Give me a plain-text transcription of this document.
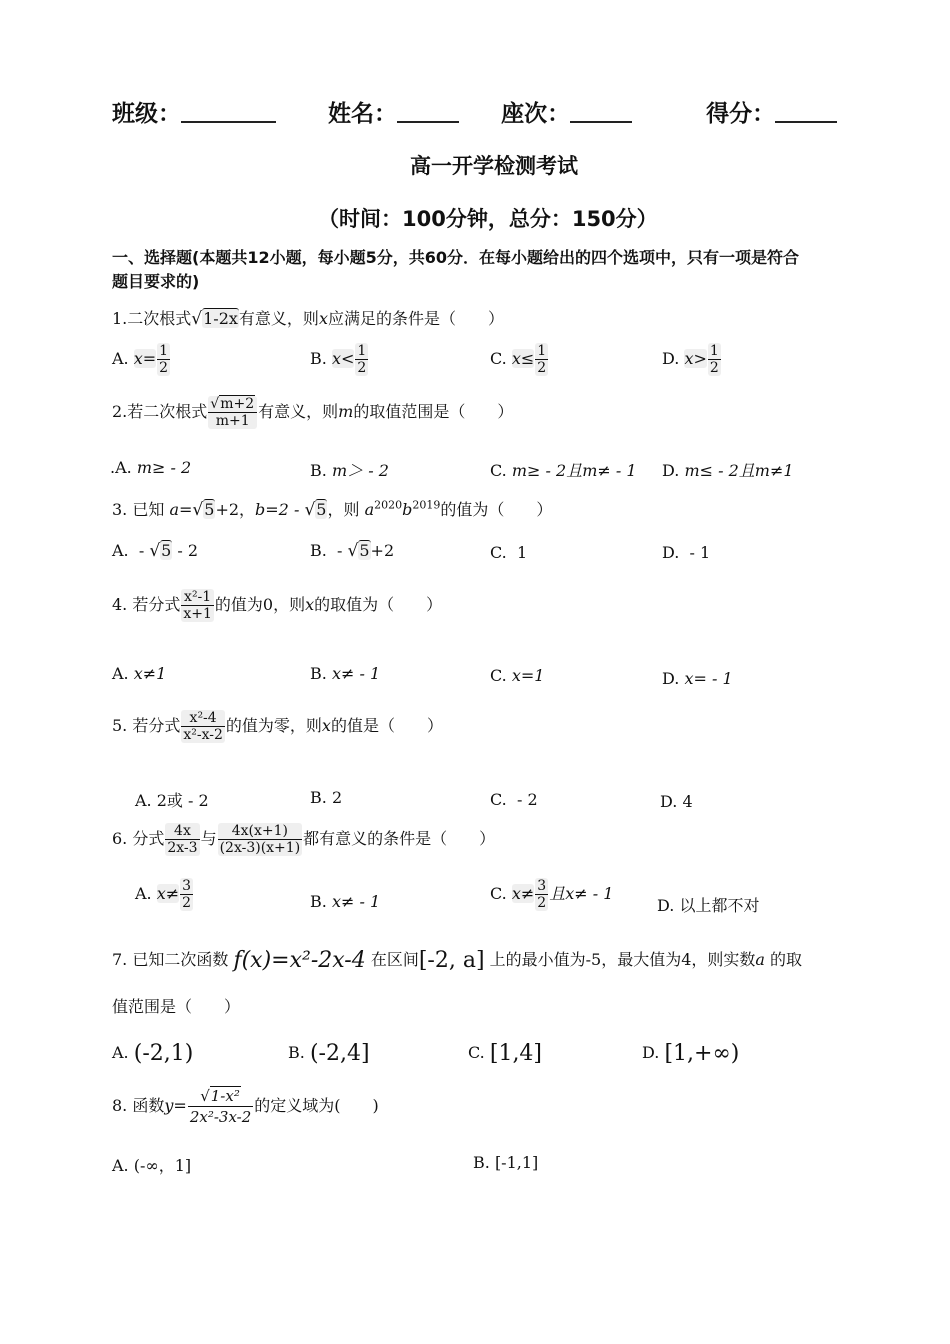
班级：	姓名：	座次：	得分：
高一开学检测考试
（时间：100分钟，总分：150分）
一、选择题(本题共12小题，每小题5分，共60分．在每小题给出的四个选项中，只有一项是符合
题目要求的)
1.二次根式√1-2x有意义，则x应满足的条件是（　　）
A. $x= \frac{1}{2}$	B. $x< \frac{1}{2}$	C. $x\le \frac{1}{2}$	D. $x> \frac{1}{2}$
2.若二次根式 $\frac{√m+2}{m+1}$ 有意义，则m的取值范围是（　　）
.A. m≥ - 2	B. m＞ - 2	C. m≥ - 2且m≠ - 1 D. m≤ - 2且m≠1
3. 已知 a=√5+2，b=2 - √5，则 $a^{2020}b^{2019}$的值为（　　）
A.  - √5 - 2	B.  - √5+2	C.  1	D.  - 1
4. 若分式 $\frac{\text{x²-1}}{x+1}$ 的值为0，则x的取值为（　　）
A. x≠1	B. x≠ - 1	C. x=1	D. x= - 1
5. 若分式 $\frac{\text{x²-4}}{\text{x²-x-2}}$ 的值为零，则x的值是（　　）
A. 2或 - 2	B. 2	C.  - 2	D. 4
6. 分式 $\frac{4x}{2x-3}$ 与 $\frac{4x(x+1)}{(2x-3)(x+1)}$ 都有意义的条件是（　　）
A. $x\ne \frac{3}{2}$	B. x≠ - 1	C. $x\ne \frac{3}{2}$ 且x≠ - 1
D. 以上都不对
7. 已知二次函数 f(x)=x²-2x-4 在区间[-2, a] 上的最小值为-5，最大值为4，则实数a 的取
值范围是（　　）
A. (-2,1)	B. (-2,4]	C. [1,4]	D. [1,+∞)
8. 函数$y= \frac{\text{√1-x²}}{\text{2x²-3x-2}}$ 的定义域为(　　)
A. (-∞，1]	B. [-1,1]
